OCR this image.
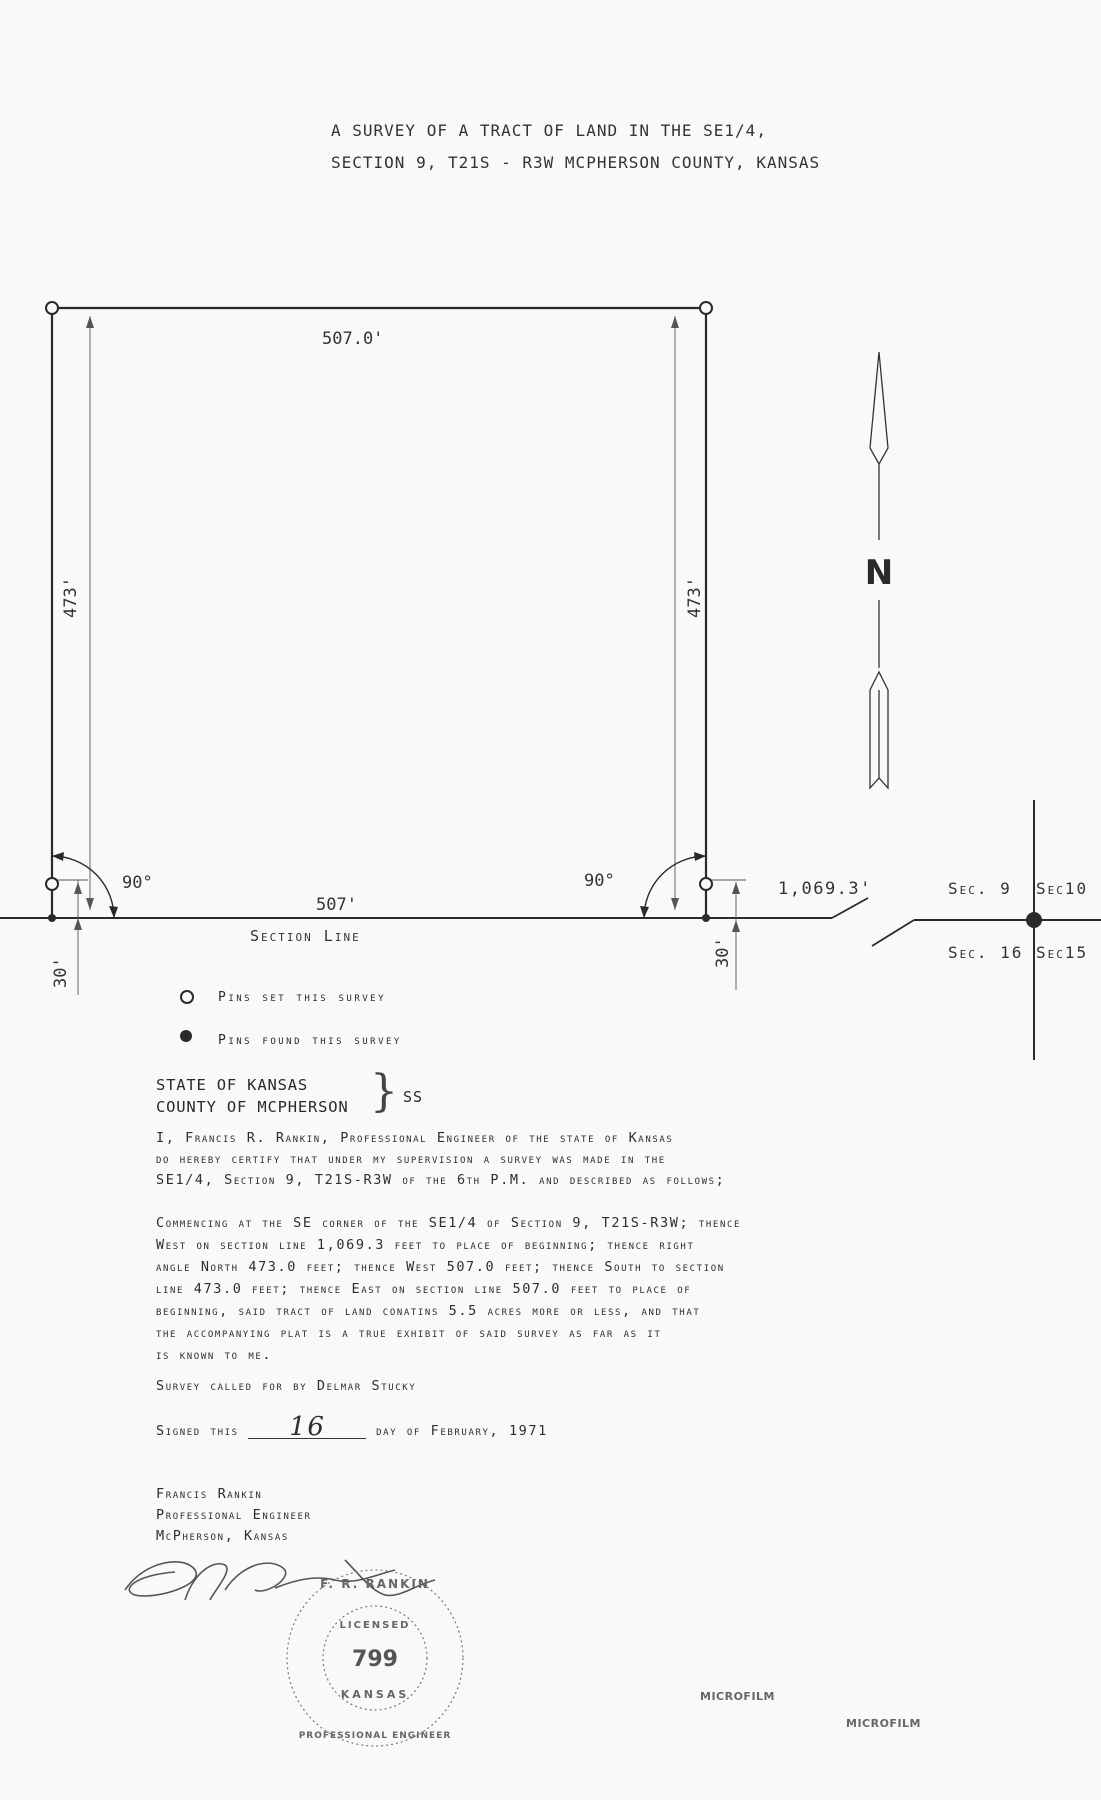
A SURVEY OF A TRACT OF LAND IN THE SE1/4,
SECTION 9, T21S - R3W MCPHERSON COUNTY, KANSAS
N
507.0'
473'	473'
90°	90°
507'
Section Line
30'
30'
1,069.3'	Sec. 9 Sec10
Sec. 16 Sec15
Pins set this survey
Pins found this survey
STATE OF KANSAS
COUNTY OF MCPHERSON } SS
I, Francis R. Rankin, Professional Engineer of the state of Kansas
do hereby certify that under my supervision a survey was made in the
SE1/4, Section 9, T21S-R3W of the 6th P.M. and described as follows;
Commencing at the SE corner of the SE1/4 of Section 9, T21S-R3W; thence
West on section line 1,069.3 feet to place of beginning; thence right
angle North 473.0 feet; thence West 507.0 feet; thence South to section
line 473.0 feet; thence East on section line 507.0 feet to place of
beginning, said tract of land conatins 5.5 acres more or less, and that
the accompanying plat is a true exhibit of said survey as far as it
is known to me.
Survey called for by Delmar Stucky
Signed this 16	day of February, 1971
Francis Rankin
Professional Engineer
McPherson, Kansas
799
F. R. RANKIN
LICENSED
KANSAS
PROFESSIONAL ENGINEER
MICROFILM
MICROFILM
